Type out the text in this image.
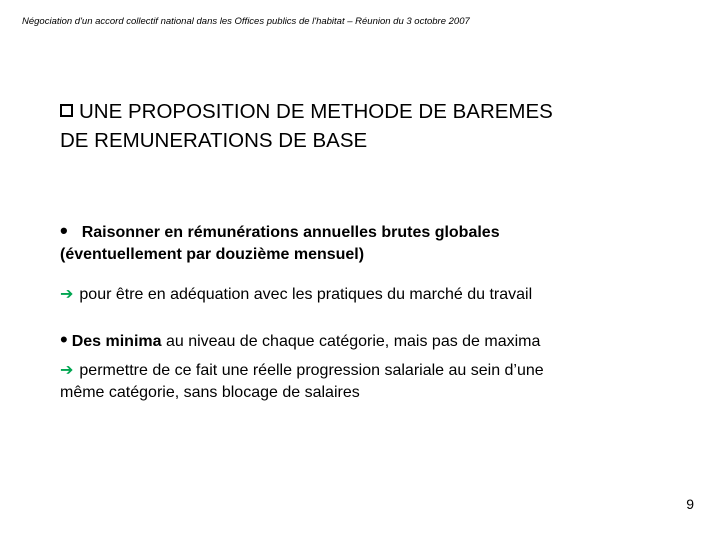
Négociation d'un accord collectif national dans les Offices publics de l'habitat – Réunion du 3 octobre 2007
UNE PROPOSITION DE METHODE DE BAREMES
DE REMUNERATIONS DE BASE
• Raisonner en rémunérations annuelles brutes globales
(éventuellement par douzième mensuel)
➔ pour être en adéquation avec les pratiques du marché du travail
• Des minima au niveau de chaque catégorie, mais pas de maxima
➔ permettre de ce fait une réelle progression salariale au sein d’une
même catégorie, sans blocage de salaires
9
